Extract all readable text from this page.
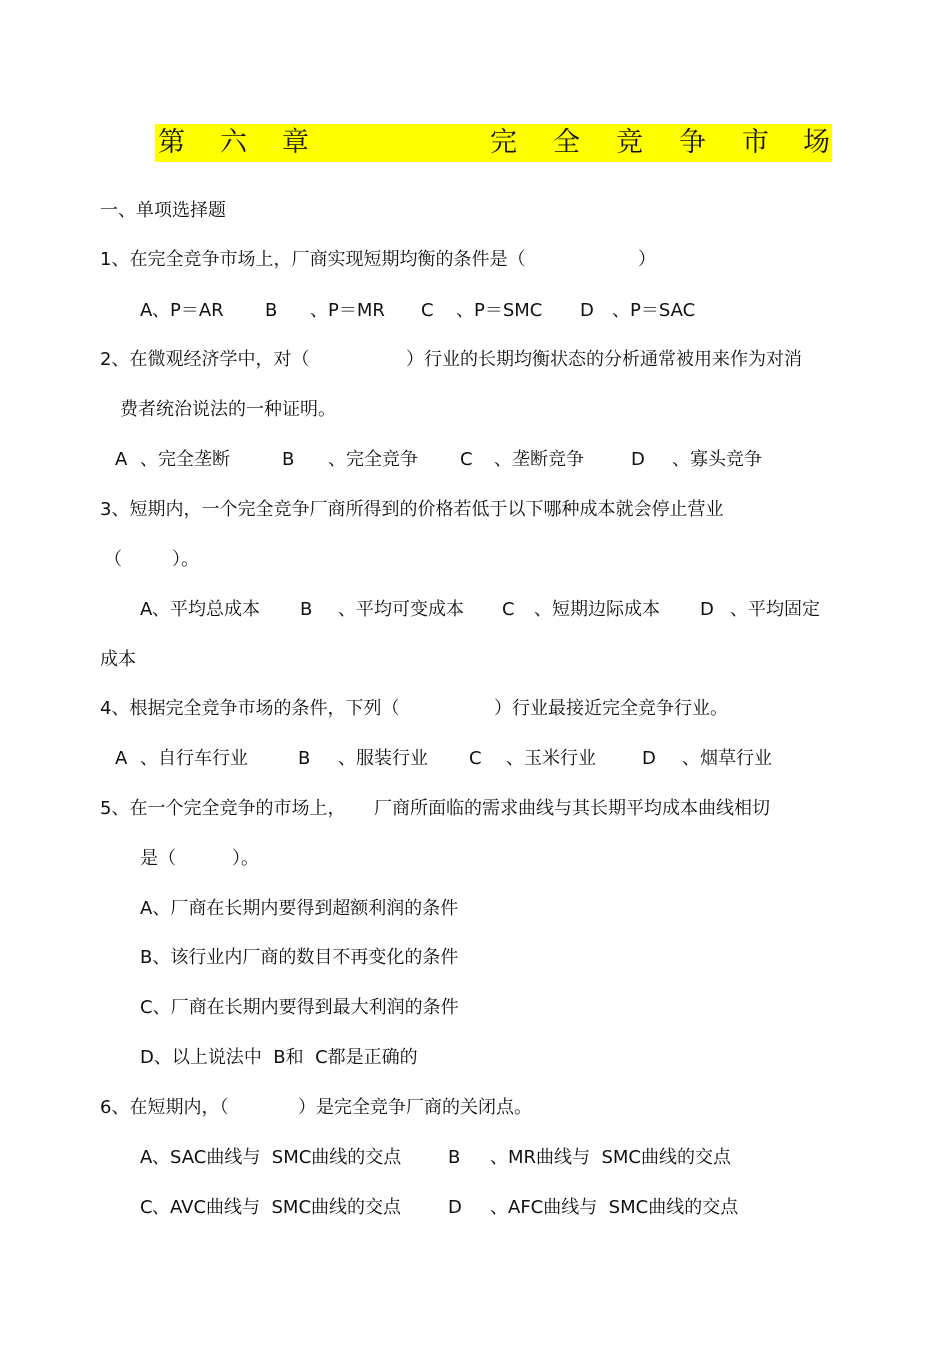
第 六 章	完 全 竞 争 市 场
一、单项选择题
1、在完全竞争市场上，厂商实现短期均衡的条件是（	）
A 、P＝AR B 、P＝MR C 、P＝SMC D 、P＝SAC
2、在微观经济学中，对（	）行业的长期均衡状态的分析通常被用来作为对消
费者统治说法的一种证明。
A 、完全垄断	B 、完全竞争 C 、垄断竞争	D 、寡头竞争
3、短期内，一个完全竞争厂商所得到的价格若低于以下哪种成本就会停止营业
（	）。
A 、平均总成本 B 、平均可变成本 C 、短期边际成本 D 、平均固定
成本
4、根据完全竞争市场的条件，下列（	）行业最接近完全竞争行业。
A 、自行车行业	B 、服装行业 C 、玉米行业	D 、烟草行业
5、在一个完全竞争的市场上， 厂商所面临的需求曲线与其长期平均成本曲线相切
是（	）。
A、厂商在长期内要得到超额利润的条件
B、该行业内厂商的数目不再变化的条件
C、厂商在长期内要得到最大利润的条件
D、以上说法中  B和  C都是正确的
6、在短期内，（	）是完全竞争厂商的关闭点。
A 、SAC曲线与  SMC曲线的交点	B 、MR曲线与  SMC曲线的交点
C 、AVC曲线与  SMC曲线的交点	D 、AFC曲线与  SMC曲线的交点
